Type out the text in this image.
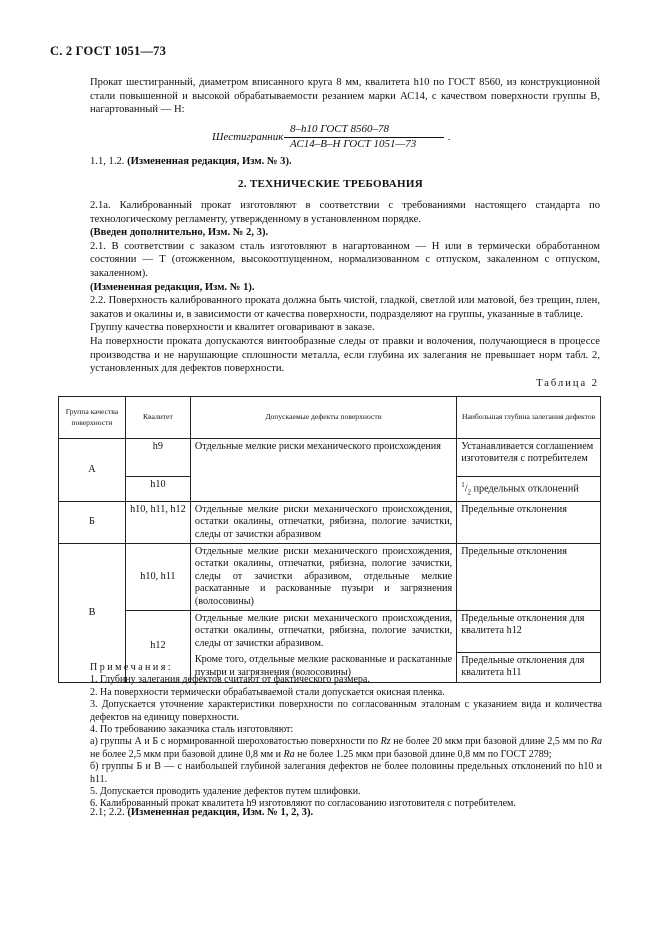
С. 2 ГОСТ 1051—73

Прокат шестигранный, диаметром вписанного круга 8 мм, квалитета h10 по ГОСТ 8560, из конструкционной стали повышенной и высокой обрабатываемости резанием марки АС14, с качеством поверхности группы В, нагартованный — Н:

Шестигранник
8–h10 ГОСТ 8560–78
АС14–В–Н ГОСТ 1051—73
.
1.1, 1.2. (Измененная редакция, Изм. № 3).
2. ТЕХНИЧЕСКИЕ ТРЕБОВАНИЯ

2.1а. Калиброванный прокат изготовляют в соответствии с требованиями настоящего стандарта по технологическому регламенту, утвержденному в установленном порядке.

(Введен дополнительно, Изм. № 2, 3).

2.1. В соответствии с заказом сталь изготовляют в нагартованном — Н или в термически обработанном состоянии — Т (отожженном, высокоотпущенном, нормализованном с отпуском, закаленном с отпуском, закаленном).

(Измененная редакция, Изм. № 1).

2.2. Поверхность калиброванного проката должна быть чистой, гладкой, светлой или матовой, без трещин, плен, закатов и окалины и, в зависимости от качества поверхности, подразделяют на группы, указанные в таблице.

Группу качества поверхности и квалитет оговаривают в заказе.

На поверхности проката допускаются винтообразные следы от правки и волочения, получающиеся в процессе производства и не нарушающие сплошности металла, если глубина их залегания не превышает норм табл. 2, установленных для дефектов поверхности.

Таблица 2
Группа качества поверхности	Квалитет	Допускаемые дефекты поверхности	Наибольшая глубина залегания дефектов
А	h9	Отдельные мелкие риски механического происхождения	Устанавливается соглашением изготовителя с потребителем
	h10		$^1/_2$ предельных отклонений
Б	h10, h11, h12	Отдельные мелкие риски механического происхождения, остатки окалины, отпечатки, рябизна, пологие зачистки, следы от зачистки абразивом	Предельные отклонения
В	h10, h11	Отдельные мелкие риски механического происхождения, остатки окалины, отпечатки, рябизна, пологие зачистки, следы от зачистки абразивом, отдельные мелкие раскатанные и раскованные пузыри и загрязнения (волосовины)	Предельные отклонения
	h12	Отдельные мелкие риски механического происхождения, остатки окалины, отпечатки, рябизна, пологие зачистки, следы от зачистки абразивом.	Предельные отклонения для квалитета h12
		Кроме того, отдельные мелкие раскованные и раскатанные пузыри и загрязнения (волосовины)	Предельные отклонения для квалитета h11

Примечания:

1. Глубину залегания дефектов считают от фактического размера.

2. На поверхности термически обрабатываемой стали допускается окисная пленка.

3. Допускается уточнение характеристики поверхности по согласованным эталонам с указанием вида и количества дефектов на единицу поверхности.

4. По требованию заказчика сталь изготовляют:

а) группы А и Б с нормированной шероховатостью поверхности по Rz не более 20 мкм при базовой длине 2,5 мм по Ra не более 2,5 мкм при базовой длине 0,8 мм и Ra не более 1.25 мкм при базовой длине 0,8 мм по ГОСТ 2789;

б) группы Б и В — с наибольшей глубиной залегания дефектов не более половины предельных отклонений по h10 и h11.

5. Допускается проводить удаление дефектов путем шлифовки.

6. Калиброванный прокат квалитета h9 изготовляют по согласованию изготовителя с потребителем.

2.1; 2.2. (Измененная редакция, Изм. № 1, 2, 3).
